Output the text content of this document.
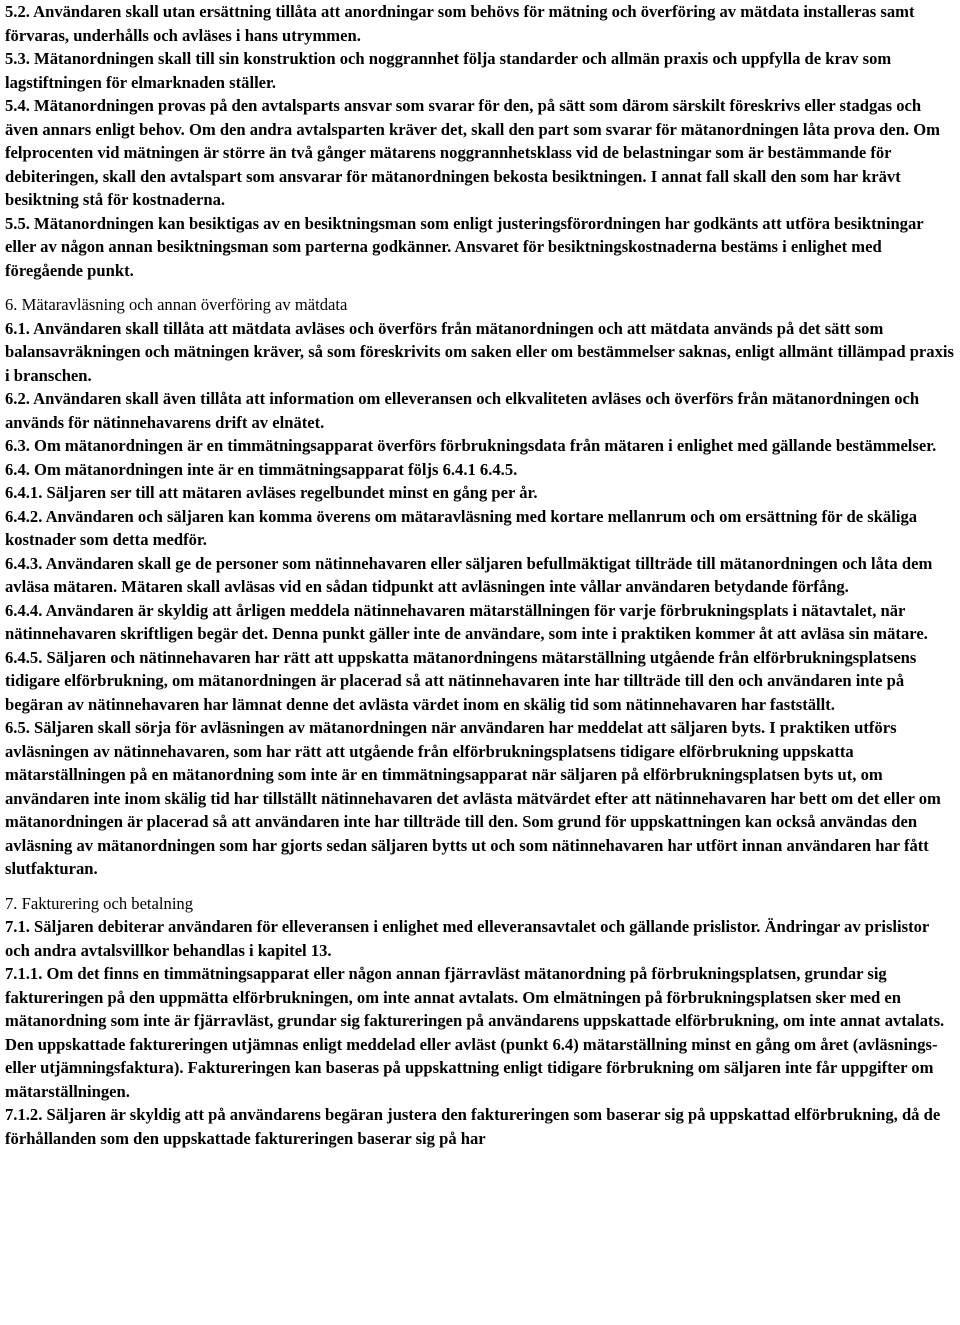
5.2. Användaren skall utan ersättning tillåta att anordningar som behövs för mätning och överföring av mätdata installeras samt förvaras, underhålls och avläses i hans utrymmen.

5.3. Mätanordningen skall till sin konstruktion och noggrannhet följa standarder och allmän praxis och uppfylla de krav som lagstiftningen för elmarknaden ställer.

5.4. Mätanordningen provas på den avtalsparts ansvar som svarar för den, på sätt som därom särskilt föreskrivs eller stadgas och även annars enligt behov. Om den andra avtalsparten kräver det, skall den part som svarar för mätanordningen låta prova den. Om felprocenten vid mätningen är större än två gånger mätarens noggrannhetsklass vid de belastningar som är bestämmande för debiteringen, skall den avtalspart som ansvarar för mätanordningen bekosta besiktningen. I annat fall skall den som har krävt besiktning stå för kostnaderna.

5.5. Mätanordningen kan besiktigas av en besiktningsman som enligt justeringsförordningen har godkänts att utföra besiktningar eller av någon annan besiktningsman som parterna godkänner. Ansvaret för besiktningskostnaderna bestäms i enlighet med föregående punkt.

6. Mätaravläsning och annan överföring av mätdata

6.1. Användaren skall tillåta att mätdata avläses och överförs från mätanordningen och att mätdata används på det sätt som balansavräkningen och mätningen kräver, så som föreskrivits om saken eller om bestämmelser saknas, enligt allmänt tillämpad praxis i branschen.

6.2. Användaren skall även tillåta att information om elleveransen och elkvaliteten avläses och överförs från mätanordningen och används för nätinnehavarens drift av elnätet.

6.3. Om mätanordningen är en timmätningsapparat överförs förbrukningsdata från mätaren i enlighet med gällande bestämmelser.

6.4. Om mätanordningen inte är en timmätningsapparat följs 6.4.1 6.4.5.

6.4.1. Säljaren ser till att mätaren avläses regelbundet minst en gång per år.

6.4.2. Användaren och säljaren kan komma överens om mätaravläsning med kortare mellanrum och om ersättning för de skäliga kostnader som detta medför.

6.4.3. Användaren skall ge de personer som nätinnehavaren eller säljaren befullmäktigat tillträde till mätanordningen och låta dem avläsa mätaren. Mätaren skall avläsas vid en sådan tidpunkt att avläsningen inte vållar användaren betydande förfång.

6.4.4. Användaren är skyldig att årligen meddela nätinnehavaren mätarställningen för varje förbrukningsplats i nätavtalet, när nätinnehavaren skriftligen begär det. Denna punkt gäller inte de användare, som inte i praktiken kommer åt att avläsa sin mätare.

6.4.5. Säljaren och nätinnehavaren har rätt att uppskatta mätanordningens mätarställning utgående från elförbrukningsplatsens tidigare elförbrukning, om mätanordningen är placerad så att nätinnehavaren inte har tillträde till den och användaren inte på begäran av nätinnehavaren har lämnat denne det avlästa värdet inom en skälig tid som nätinnehavaren har fastställt.

6.5. Säljaren skall sörja för avläsningen av mätanordningen när användaren har meddelat att säljaren byts. I praktiken utförs avläsningen av nätinnehavaren, som har rätt att utgående från elförbrukningsplatsens tidigare elförbrukning uppskatta mätarställningen på en mätanordning som inte är en timmätningsapparat när säljaren på elförbrukningsplatsen byts ut, om användaren inte inom skälig tid har tillställt nätinnehavaren det avlästa mätvärdet efter att nätinnehavaren har bett om det eller om mätanordningen är placerad så att användaren inte har tillträde till den. Som grund för uppskattningen kan också användas den avläsning av mätanordningen som har gjorts sedan säljaren bytts ut och som nätinnehavaren har utfört innan användaren har fått slutfakturan.

7. Fakturering och betalning

7.1. Säljaren debiterar användaren för elleveransen i enlighet med elleveransavtalet och gällande prislistor. Ändringar av prislistor och andra avtalsvillkor behandlas i kapitel 13.

7.1.1. Om det finns en timmätningsapparat eller någon annan fjärravläst mätanordning på förbrukningsplatsen, grundar sig faktureringen på den uppmätta elförbrukningen, om inte annat avtalats. Om elmätningen på förbrukningsplatsen sker med en mätanordning som inte är fjärravläst, grundar sig faktureringen på användarens uppskattade elförbrukning, om inte annat avtalats. Den uppskattade faktureringen utjämnas enligt meddelad eller avläst (punkt 6.4) mätarställning minst en gång om året (avläsnings- eller utjämningsfaktura). Faktureringen kan baseras på uppskattning enligt tidigare förbrukning om säljaren inte får uppgifter om mätarställningen.

7.1.2. Säljaren är skyldig att på användarens begäran justera den faktureringen som baserar sig på uppskattad elförbrukning, då de förhållanden som den uppskattade faktureringen baserar sig på har
